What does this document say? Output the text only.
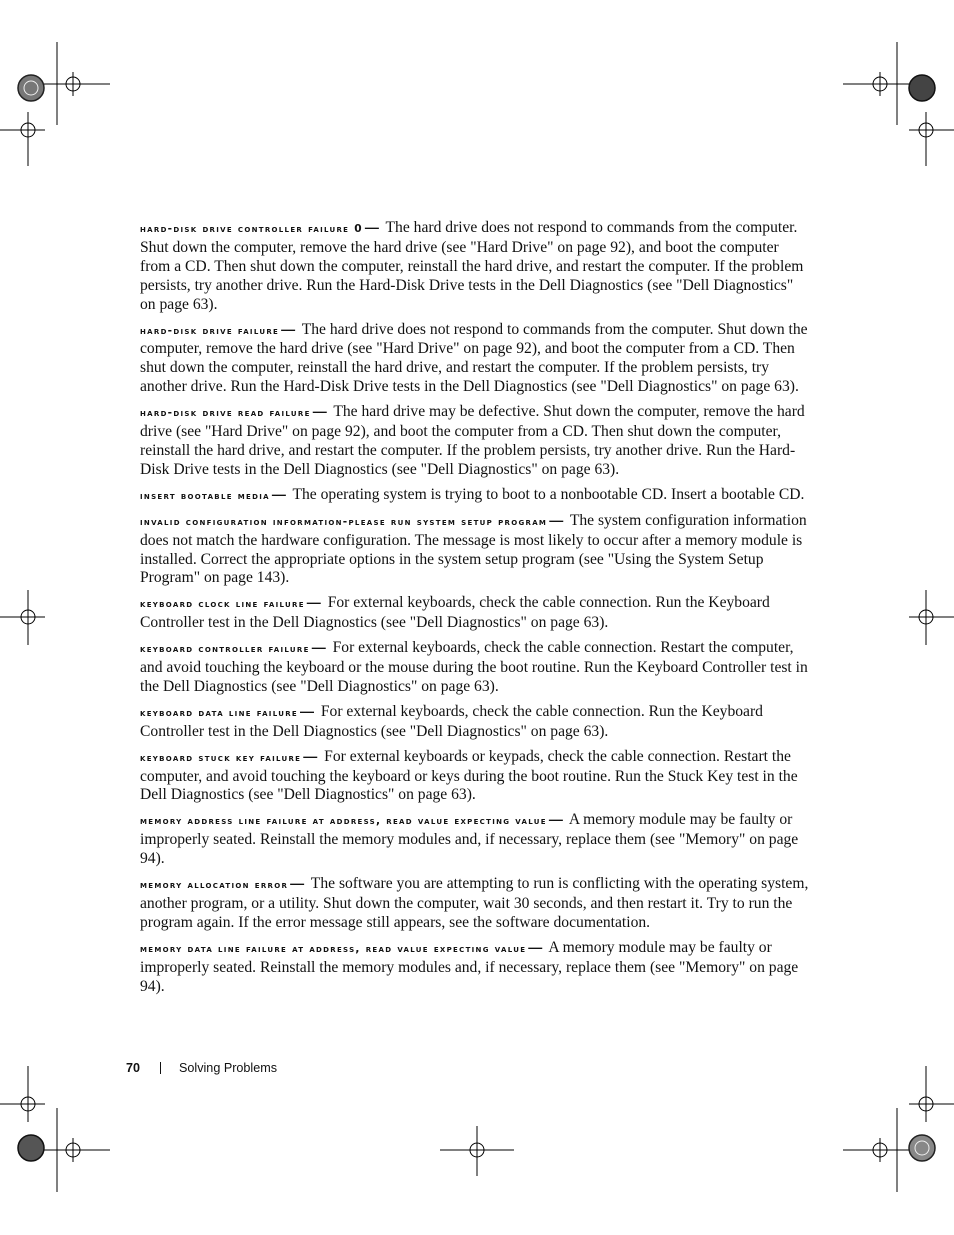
hard-disk drive controller failure 0 — The hard drive does not respond to commands from the computer. Shut down the computer, remove the hard drive (see "Hard Drive" on page 92), and boot the computer from a CD. Then shut down the computer, reinstall the hard drive, and restart the computer. If the problem persists, try another drive. Run the Hard-Disk Drive tests in the Dell Diagnostics (see "Dell Diagnostics" on page 63).

hard-disk drive failure — The hard drive does not respond to commands from the computer. Shut down the computer, remove the hard drive (see "Hard Drive" on page 92), and boot the computer from a CD. Then shut down the computer, reinstall the hard drive, and restart the computer. If the problem persists, try another drive. Run the Hard-Disk Drive tests in the Dell Diagnostics (see "Dell Diagnostics" on page 63).

hard-disk drive read failure — The hard drive may be defective. Shut down the computer, remove the hard drive (see "Hard Drive" on page 92), and boot the computer from a CD. Then shut down the computer, reinstall the hard drive, and restart the computer. If the problem persists, try another drive. Run the Hard-Disk Drive tests in the Dell Diagnostics (see "Dell Diagnostics" on page 63).

insert bootable media — The operating system is trying to boot to a nonbootable CD. Insert a bootable CD.

invalid configuration information-please run system setup program — The system configuration information does not match the hardware configuration. The message is most likely to occur after a memory module is installed. Correct the appropriate options in the system setup program (see "Using the System Setup Program" on page 143).

keyboard clock line failure — For external keyboards, check the cable connection. Run the Keyboard Controller test in the Dell Diagnostics (see "Dell Diagnostics" on page 63).

keyboard controller failure — For external keyboards, check the cable connection. Restart the computer, and avoid touching the keyboard or the mouse during the boot routine. Run the Keyboard Controller test in the Dell Diagnostics (see "Dell Diagnostics" on page 63).

keyboard data line failure — For external keyboards, check the cable connection. Run the Keyboard Controller test in the Dell Diagnostics (see "Dell Diagnostics" on page 63).

keyboard stuck key failure — For external keyboards or keypads, check the cable connection. Restart the computer, and avoid touching the keyboard or keys during the boot routine. Run the Stuck Key test in the Dell Diagnostics (see "Dell Diagnostics" on page 63).

memory address line failure at address, read value expecting value — A memory module may be faulty or improperly seated. Reinstall the memory modules and, if necessary, replace them (see "Memory" on page 94).

memory allocation error — The software you are attempting to run is conflicting with the operating system, another program, or a utility. Shut down the computer, wait 30 seconds, and then restart it. Try to run the program again. If the error message still appears, see the software documentation.

memory data line failure at address, read value expecting value — A memory module may be faulty or improperly seated. Reinstall the memory modules and, if necessary, replace them (see "Memory" on page 94).

70	Solving Problems
